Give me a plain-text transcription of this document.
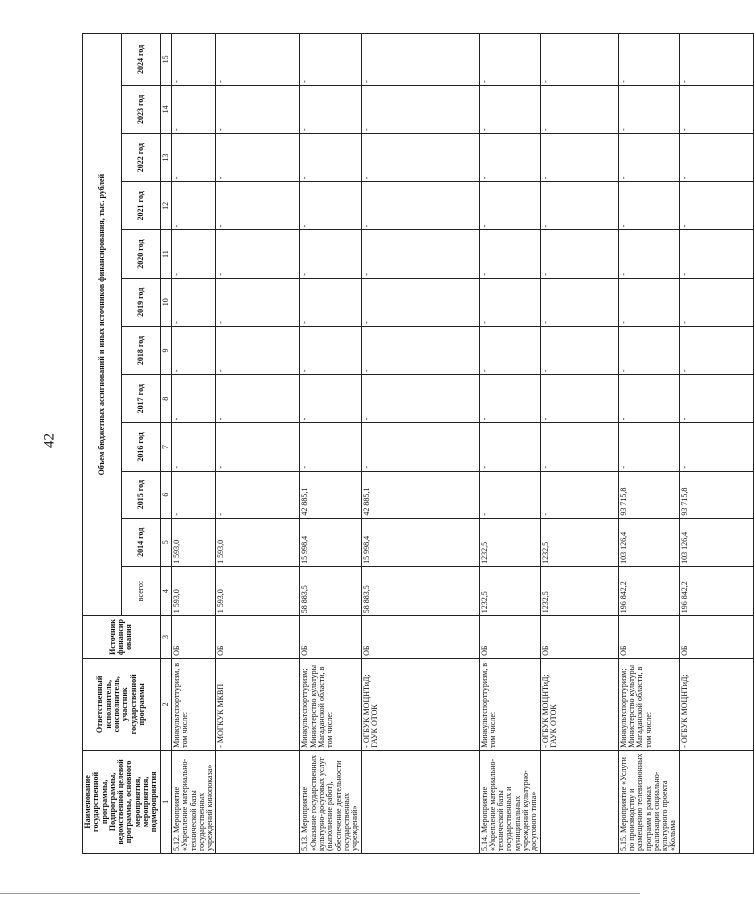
42
Наименование государственной программы, Подпрограммы, ведомственной целевой программы, основного мероприятия, мероприятия, подмероприятия	Ответственный исполнитель, соисполнитель, участник государственной программы	Источник финансирования	Объем бюджетных ассигнований и иных источников финансирования, тыс. рублей											
			всего:	2014 год	2015 год	2016 год	2017 год	2018 год	2019 год	2020 год	2021 год	2022 год	2023 год	2024 год
1	2	3	4	5	6	7	8	9	10	11	12	13	14	15
5.12. Мероприятие «Укрепление материально-технической базы государственных учреждений кинопоказа»	Минкультспорттуризм, в том числе:	ОБ	1 593,0	1 593,0	-	-	-	-	-	-	-	-	-	-
	- МОГКУК МКВП	ОБ	1 593,0	1 593,0	-	-	-	-	-	-	-	-	-	-
5.13. Мероприятие «Оказание государственных культурно-досуговых услуг (выполнение работ), обеспечение деятельности государственных учреждений»	Минкультспорттуризм; Министерство культуры Магаданской области, в том числе:	ОБ	58 883,5	15 998,4	42 885,1	-	-	-	-	-	-	-	-	-
	- ОГБУК МОЦНТиД; ГАУК ОТОК	ОБ	58 883,5	15 998,4	42 885,1	-	-	-	-	-	-	-	-	-
5.14. Мероприятие «Укрепление материально-технической базы государственных и муниципальных учреждений культурно-досугового типа»	Минкультспорттуризм, в том числе:	ОБ	1232,5	1232,5	-	-	-	-	-	-	-	-	-	-
	- ОГБУК МОЦНТиД; ГАУК ОТОК	ОБ	1232,5	1232,5	-	-	-	-	-	-	-	-	-	-
5.15. Мероприятие «Услуги по производству и размещению телевизионных программ в рамках реализации социально-культурного проекта «Колыма	Минкультспорттуризм; Министерство культуры Магаданской области, в том числе:	ОБ	196 842,2	103 126,4	93 715,8	-	-	-	-	-	-	-	-	-
	- ОГБУК МОЦНТиД;	ОБ	196 842,2	103 126,4	93 715,8	-	-	-	-	-	-	-	-	-
